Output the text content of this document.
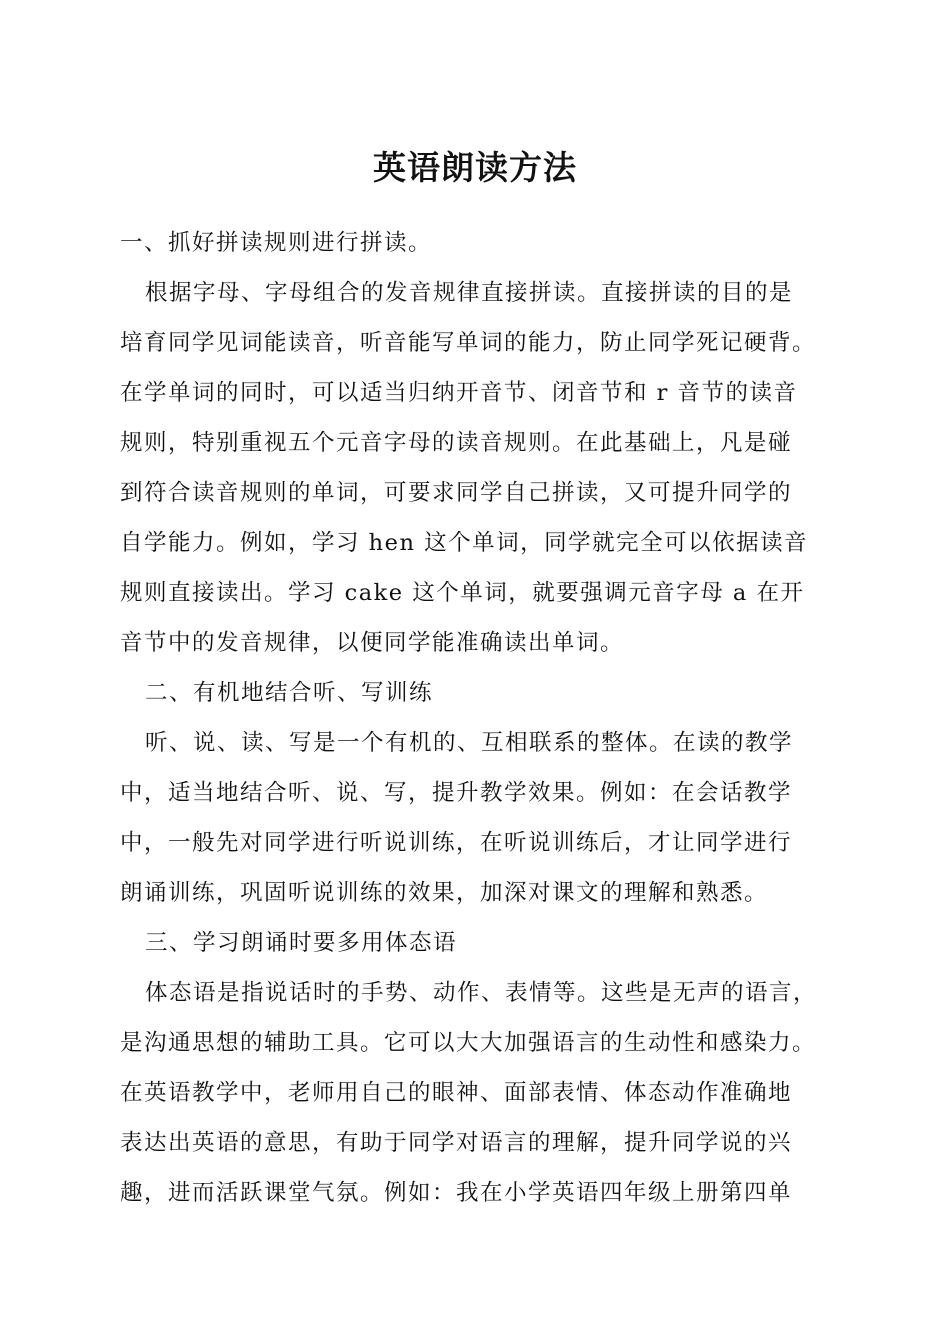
英语朗读方法
一、抓好拼读规则进行拼读。
根据字母、字母组合的发音规律直接拼读。直接拼读的目的是
培育同学见词能读音，听音能写单词的能力，防止同学死记硬背。
在学单词的同时，可以适当归纳开音节、闭音节和 r 音节的读音
规则，特别重视五个元音字母的读音规则。在此基础上，凡是碰
到符合读音规则的单词，可要求同学自己拼读，又可提升同学的
自学能力。例如，学习 hen 这个单词，同学就完全可以依据读音
规则直接读出。学习 cake 这个单词，就要强调元音字母 a 在开
音节中的发音规律，以便同学能准确读出单词。
二、有机地结合听、写训练
听、说、读、写是一个有机的、互相联系的整体。在读的教学
中，适当地结合听、说、写，提升教学效果。例如：在会话教学
中，一般先对同学进行听说训练，在听说训练后，才让同学进行
朗诵训练，巩固听说训练的效果，加深对课文的理解和熟悉。
三、学习朗诵时要多用体态语
体态语是指说话时的手势、动作、表情等。这些是无声的语言，
是沟通思想的辅助工具。它可以大大加强语言的生动性和感染力。
在英语教学中，老师用自己的眼神、面部表情、体态动作准确地
表达出英语的意思，有助于同学对语言的理解，提升同学说的兴
趣，进而活跃课堂气氛。例如：我在小学英语四年级上册第四单
